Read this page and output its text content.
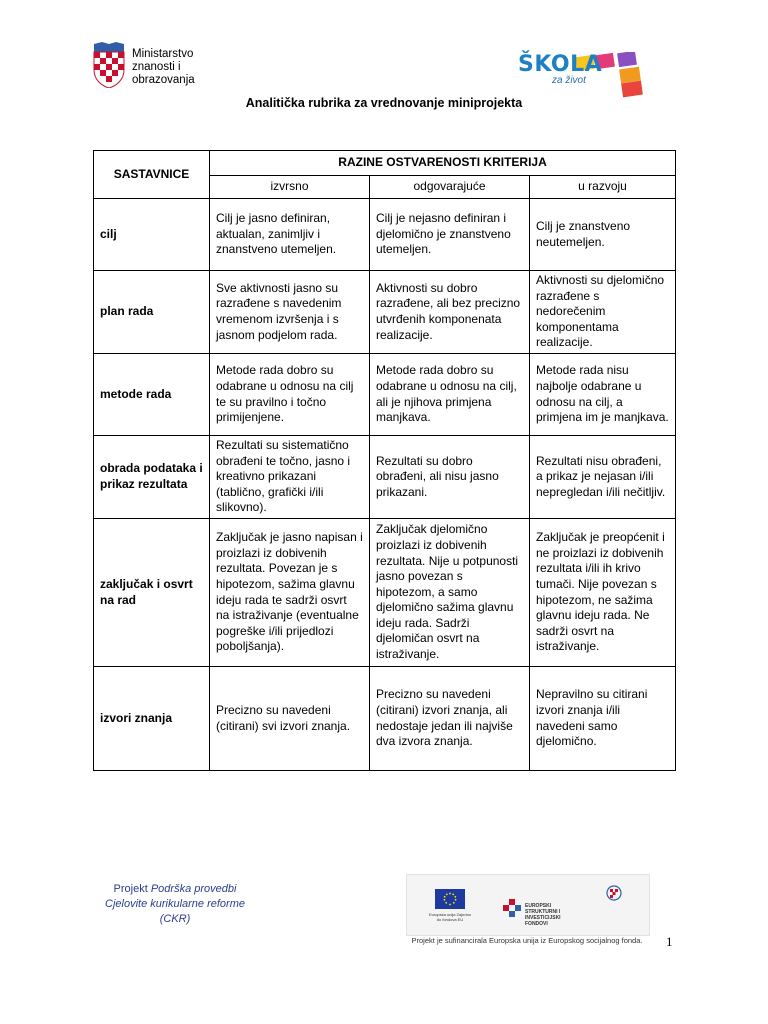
Ministarstvo
znanosti i
obrazovanja
ŠKOLA
za život
Analitička rubrika za vrednovanje miniprojekta
SASTAVNICE	RAZINE OSTVARENOSTI KRITERIJA		
	izvrsno	odgovarajuće	u razvoju
cilj	Cilj je jasno definiran, aktualan, zanimljiv i znanstveno utemeljen.	Cilj je nejasno definiran i djelomično je znanstveno utemeljen.	Cilj je znanstveno neutemeljen.
plan rada	Sve aktivnosti jasno su razrađene s navedenim vremenom izvršenja i s jasnom podjelom rada.	Aktivnosti su dobro razrađene, ali bez precizno utvrđenih komponenata realizacije.	Aktivnosti su djelomično razrađene s nedorečenim komponentama realizacije.
metode rada	Metode rada dobro su odabrane u odnosu na cilj te su pravilno i točno primijenjene.	Metode rada dobro su odabrane u odnosu na cilj, ali je njihova primjena manjkava.	Metode rada nisu najbolje odabrane u odnosu na cilj, a primjena im je manjkava.
obrada podataka i prikaz rezultata	Rezultati su sistematično obrađeni te točno, jasno i kreativno prikazani (tablično, grafički i/ili slikovno).	Rezultati su dobro obrađeni, ali nisu jasno prikazani.	Rezultati nisu obrađeni, a prikaz je nejasan i/ili nepregledan i/ili nečitljiv.
zaključak i osvrt na rad	Zaključak je jasno napisan i proizlazi iz dobivenih rezultata. Povezan je s hipotezom, sažima glavnu ideju rada te sadrži osvrt na istraživanje (eventualne pogreške i/ili prijedlozi poboljšanja).	Zaključak djelomično proizlazi iz dobivenih rezultata. Nije u potpunosti jasno povezan s hipotezom, a samo djelomično sažima glavnu ideju rada. Sadrži djelomičan osvrt na istraživanje.	Zaključak je preopćenit i ne proizlazi iz dobivenih rezultata i/ili ih krivo tumači. Nije povezan s hipotezom, ne sažima glavnu ideju rada. Ne sadrži osvrt na istraživanje.
izvori znanja	Precizno su navedeni (citirani) svi izvori znanja.	Precizno su navedeni (citirani) izvori znanja, ali nedostaje jedan ili najviše dva izvora znanja.	Nepravilno su citirani izvori znanja i/ili navedeni samo djelomično.
Projekt Podrška provedbi Cjelovite kurikularne reforme (CKR)	Europska unija Zajedno do fondova EU
EUROPSKI STRUKTURNI I INVESTICIJSKI FONDOVI
Projekt je sufinancirala Europska unija iz Europskog socijalnog fonda.	1
